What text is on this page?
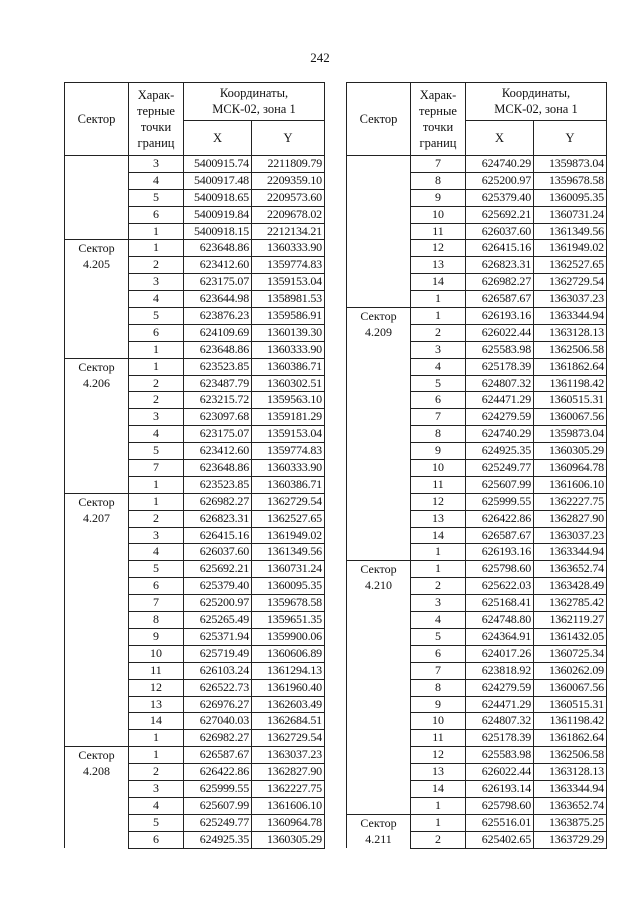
242
Сектор	Харак-
терные
точки
границ	Координаты,
МСК-02, зона 1	
		X	Y

	3	5400915.74	2211809.79
	4	5400917.48	2209359.10
	5	5400918.65	2209573.60
	6	5400919.84	2209678.02
	1	5400918.15	2212134.21
Сектор
4.205	1	623648.86	1360333.90
	2	623412.60	1359774.83
	3	623175.07	1359153.04
	4	623644.98	1358981.53
	5	623876.23	1359586.91
	6	624109.69	1360139.30
	1	623648.86	1360333.90
Сектор
4.206	1	623523.85	1360386.71
	2	623487.79	1360302.51
	2	623215.72	1359563.10
	3	623097.68	1359181.29
	4	623175.07	1359153.04
	5	623412.60	1359774.83
	7	623648.86	1360333.90
	1	623523.85	1360386.71
Сектор
4.207	1	626982.27	1362729.54
	2	626823.31	1362527.65
	3	626415.16	1361949.02
	4	626037.60	1361349.56
	5	625692.21	1360731.24
	6	625379.40	1360095.35
	7	625200.97	1359678.58
	8	625265.49	1359651.35
	9	625371.94	1359900.06
	10	625719.49	1360606.89
	11	626103.24	1361294.13
	12	626522.73	1361960.40
	13	626976.27	1362603.49
	14	627040.03	1362684.51
	1	626982.27	1362729.54
Сектор
4.208	1	626587.67	1363037.23
	2	626422.86	1362827.90
	3	625999.55	1362227.75
	4	625607.99	1361606.10
	5	625249.77	1360964.78
	6	624925.35	1360305.29
Сектор	Харак-
терные
точки
границ	Координаты,
МСК-02, зона 1	
		X	Y

	7	624740.29	1359873.04
	8	625200.97	1359678.58
	9	625379.40	1360095.35
	10	625692.21	1360731.24
	11	626037.60	1361349.56
	12	626415.16	1361949.02
	13	626823.31	1362527.65
	14	626982.27	1362729.54
	1	626587.67	1363037.23
Сектор
4.209	1	626193.16	1363344.94
	2	626022.44	1363128.13
	3	625583.98	1362506.58
	4	625178.39	1361862.64
	5	624807.32	1361198.42
	6	624471.29	1360515.31
	7	624279.59	1360067.56
	8	624740.29	1359873.04
	9	624925.35	1360305.29
	10	625249.77	1360964.78
	11	625607.99	1361606.10
	12	625999.55	1362227.75
	13	626422.86	1362827.90
	14	626587.67	1363037.23
	1	626193.16	1363344.94
Сектор
4.210	1	625798.60	1363652.74
	2	625622.03	1363428.49
	3	625168.41	1362785.42
	4	624748.80	1362119.27
	5	624364.91	1361432.05
	6	624017.26	1360725.34
	7	623818.92	1360262.09
	8	624279.59	1360067.56
	9	624471.29	1360515.31
	10	624807.32	1361198.42
	11	625178.39	1361862.64
	12	625583.98	1362506.58
	13	626022.44	1363128.13
	14	626193.14	1363344.94
	1	625798.60	1363652.74
Сектор
4.211	1	625516.01	1363875.25
	2	625402.65	1363729.29
